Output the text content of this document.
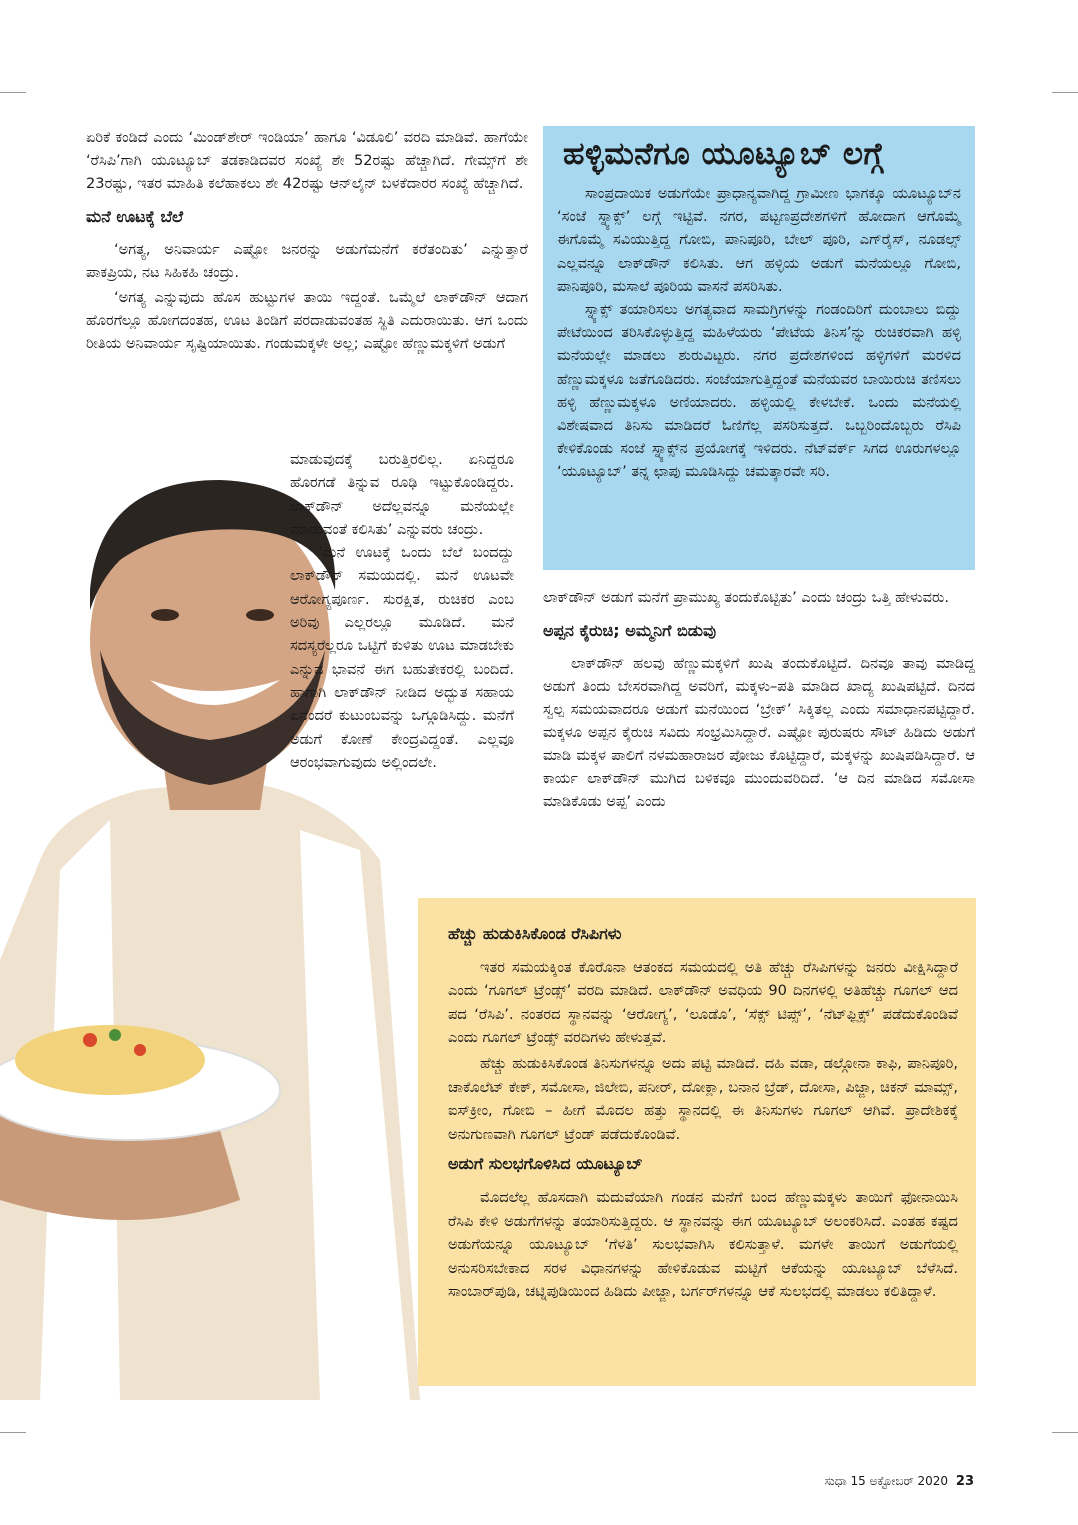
ಏರಿಕೆ ಕಂಡಿದೆ ಎಂದು ‘ಮಿಂಡ್‌ಶೇರ್ ಇಂಡಿಯಾ’ ಹಾಗೂ ‘ವಿಡೂಲಿ’ ವರದಿ ಮಾಡಿವೆ. ಹಾಗೆಯೇ ‘ರೆಸಿಪಿ’ಗಾಗಿ ಯೂಟ್ಯೂಬ್ ತಡಕಾಡಿದವರ ಸಂಖ್ಯೆ ಶೇ 52ರಷ್ಟು ಹೆಚ್ಚಾಗಿದೆ. ಗೇಮ್ಸ್‌ಗೆ ಶೇ 23ರಷ್ಟು, ಇತರ ಮಾಹಿತಿ ಕಲೆಹಾಕಲು ಶೇ 42ರಷ್ಟು ಆನ್‌ಲೈನ್ ಬಳಕೆದಾರರ ಸಂಖ್ಯೆ ಹೆಚ್ಚಾಗಿದೆ.

ಮನೆ ಊಟಕ್ಕೆ ಬೆಲೆ

‘ಅಗತ್ಯ, ಅನಿವಾರ್ಯ ಎಷ್ಟೋ ಜನರನ್ನು ಅಡುಗೆಮನೆಗೆ ಕರೆತಂದಿತು’ ಎನ್ನುತ್ತಾರೆ ಪಾಕಪ್ರಿಯ, ನಟ ಸಿಹಿಕಹಿ ಚಂದ್ರು.

‘ಅಗತ್ಯ ಎನ್ನುವುದು ಹೊಸ ಹುಟ್ಟುಗಳ ತಾಯಿ ಇದ್ದಂತೆ. ಒಮ್ಮೆಲೆ ಲಾಕ್‌ಡೌನ್ ಆದಾಗ ಹೊರಗೆಲ್ಲೂ ಹೋಗದಂತಹ, ಊಟ ತಿಂಡಿಗೆ ಪರದಾಡುವಂತಹ ಸ್ಥಿತಿ ಎದುರಾಯಿತು. ಆಗ ಒಂದು ರೀತಿಯ ಅನಿವಾರ್ಯ ಸೃಷ್ಟಿಯಾಯಿತು. ಗಂಡುಮಕ್ಕಳೇ ಅಲ್ಲ; ಎಷ್ಟೋ ಹೆಣ್ಣುಮಕ್ಕಳಿಗೆ ಅಡುಗೆ

ಮಾಡುವುದಕ್ಕೆ ಬರುತ್ತಿರಲಿಲ್ಲ. ಏನಿದ್ದರೂ ಹೊರಗಡೆ ತಿನ್ನುವ ರೂಢಿ ಇಟ್ಟುಕೊಂಡಿದ್ದರು. ಲಾಕ್‌ಡೌನ್ ಅದೆಲ್ಲವನ್ನೂ ಮನೆಯಲ್ಲೇ ಮಾಡುವಂತೆ ಕಲಿಸಿತು’ ಎನ್ನುವರು ಚಂದ್ರು.

‘ಮನೆ ಊಟಕ್ಕೆ ಒಂದು ಬೆಲೆ ಬಂದದ್ದು ಲಾಕ್‌ಡೌನ್ ಸಮಯದಲ್ಲಿ. ಮನೆ ಊಟವೇ ಆರೋಗ್ಯಪೂರ್ಣ. ಸುರಕ್ಷಿತ, ರುಚಿಕರ ಎಂಬ ಅರಿವು ಎಲ್ಲರಲ್ಲೂ ಮೂಡಿದೆ. ಮನೆ ಸದಸ್ಯರೆಲ್ಲರೂ ಒಟ್ಟಿಗೆ ಕುಳಿತು ಊಟ ಮಾಡಬೇಕು ಎನ್ನುವ ಭಾವನೆ ಈಗ ಬಹುತೇಕರಲ್ಲಿ ಬಂದಿದೆ. ಹಾಗಾಗಿ ಲಾಕ್‌ಡೌನ್ ನೀಡಿದ ಅದ್ಭುತ ಸಹಾಯ ಏನೆಂದರೆ ಕುಟುಂಬವನ್ನು ಒಗ್ಗೂಡಿಸಿದ್ದು. ಮನೆಗೆ ಅಡುಗೆ ಕೋಣೆ ಕೇಂದ್ರವಿದ್ದಂತೆ. ಎಲ್ಲವೂ ಆರಂಭವಾಗುವುದು ಅಲ್ಲಿಂದಲೇ.

ಹಳ್ಳಿಮನೆಗೂ ಯೂಟ್ಯೂಬ್ ಲಗ್ಗೆ

ಸಾಂಪ್ರದಾಯಿಕ ಅಡುಗೆಯೇ ಪ್ರಾಧಾನ್ಯವಾಗಿದ್ದ ಗ್ರಾಮೀಣ ಭಾಗಕ್ಕೂ ಯೂಟ್ಯೂಬ್‌ನ ‘ಸಂಜೆ ಸ್ನ್ಯಾಕ್ಸ್’ ಲಗ್ಗೆ ಇಟ್ಟಿವೆ. ನಗರ, ಪಟ್ಟಣಪ್ರದೇಶಗಳಿಗೆ ಹೋದಾಗ ಆಗೊಮ್ಮೆ ಈಗೊಮ್ಮೆ ಸವಿಯುತ್ತಿದ್ದ ಗೋಬಿ, ಪಾನಿಪೂರಿ, ಬೇಲ್ ಪೂರಿ, ಎಗ್‌ರೈಸ್, ನೂಡಲ್ಸ್ ಎಲ್ಲವನ್ನೂ ಲಾಕ್‌ಡೌನ್ ಕಲಿಸಿತು. ಆಗ ಹಳ್ಳಿಯ ಅಡುಗೆ ಮನೆಯಲ್ಲೂ ಗೋಬಿ, ಪಾನಿಪೂರಿ, ಮಸಾಲೆ ಪೂರಿಯ ವಾಸನೆ ಪಸರಿಸಿತು.

ಸ್ನ್ಯಾಕ್ಸ್ ತಯಾರಿಸಲು ಅಗತ್ಯವಾದ ಸಾಮಗ್ರಿಗಳನ್ನು ಗಂಡಂದಿರಿಗೆ ದುಂಬಾಲು ಬಿದ್ದು ಪೇಟೆಯಿಂದ ತರಿಸಿಕೊಳ್ಳುತ್ತಿದ್ದ ಮಹಿಳೆಯರು ‘ಪೇಟೆಯ ತಿನಿಸ’ನ್ನು ರುಚಿಕರವಾಗಿ ಹಳ್ಳಿ ಮನೆಯಲ್ಲೇ ಮಾಡಲು ಶುರುವಿಟ್ಟರು. ನಗರ ಪ್ರದೇಶಗಳಿಂದ ಹಳ್ಳಿಗಳಿಗೆ ಮರಳಿದ ಹೆಣ್ಣುಮಕ್ಕಳೂ ಜತೆಗೂಡಿದರು. ಸಂಜೆಯಾಗುತ್ತಿದ್ದಂತೆ ಮನೆಯವರ ಬಾಯಿರುಚಿ ತಣಿಸಲು ಹಳ್ಳಿ ಹೆಣ್ಣುಮಕ್ಕಳೂ ಅಣಿಯಾದರು. ಹಳ್ಳಿಯಲ್ಲಿ ಕೇಳಬೇಕೆ. ಒಂದು ಮನೆಯಲ್ಲಿ ವಿಶೇಷವಾದ ತಿನಿಸು ಮಾಡಿದರೆ ಓಣಿಗೆಲ್ಲ ಪಸರಿಸುತ್ತದೆ. ಒಬ್ಬರಿಂದೊಬ್ಬರು ರೆಸಿಪಿ ಕೇಳಿಕೊಂಡು ಸಂಜೆ ಸ್ನ್ಯಾಕ್ಸ್‌ನ ಪ್ರಯೋಗಕ್ಕೆ ಇಳಿದರು. ನೆಟ್‌ವರ್ಕ್ ಸಿಗದ ಊರುಗಳಲ್ಲೂ ‘ಯೂಟ್ಯೂಬ್’ ತನ್ನ ಛಾಪು ಮೂಡಿಸಿದ್ದು ಚಮತ್ಕಾರವೇ ಸರಿ.

ಲಾಕ್‌ಡೌನ್ ಅಡುಗೆ ಮನೆಗೆ ಪ್ರಾಮುಖ್ಯ ತಂದುಕೊಟ್ಟಿತು’ ಎಂದು ಚಂದ್ರು ಒತ್ತಿ ಹೇಳುವರು.

ಅಪ್ಪನ ಕೈರುಚಿ; ಅಮ್ಮನಿಗೆ ಬಿಡುವು

ಲಾಕ್‌ಡೌನ್ ಹಲವು ಹೆಣ್ಣುಮಕ್ಕಳಿಗೆ ಖುಷಿ ತಂದುಕೊಟ್ಟಿದೆ. ದಿನವೂ ತಾವು ಮಾಡಿದ್ದ ಅಡುಗೆ ತಿಂದು ಬೇಸರವಾಗಿದ್ದ ಅವರಿಗೆ, ಮಕ್ಕಳು–ಪತಿ ಮಾಡಿದ ಖಾದ್ಯ ಖುಷಿಪಟ್ಟಿದೆ. ದಿನದ ಸ್ವಲ್ಪ ಸಮಯವಾದರೂ ಅಡುಗೆ ಮನೆಯಿಂದ ‘ಬ್ರೇಕ್’ ಸಿಕ್ಕಿತಲ್ಲ ಎಂದು ಸಮಾಧಾನಪಟ್ಟಿದ್ದಾರೆ. ಮಕ್ಕಳೂ ಅಪ್ಪನ ಕೈರುಚಿ ಸವಿದು ಸಂಭ್ರಮಿಸಿದ್ದಾರೆ. ಎಷ್ಟೋ ಪುರುಷರು ಸೌಟ್ ಹಿಡಿದು ಅಡುಗೆ ಮಾಡಿ ಮಕ್ಕಳ ಪಾಲಿಗೆ ನಳಮಹಾರಾಜರ ಪೋಜು ಕೊಟ್ಟಿದ್ದಾರೆ, ಮಕ್ಕಳನ್ನು ಖುಷಿಪಡಿಸಿದ್ದಾರೆ. ಆ ಕಾರ್ಯ ಲಾಕ್‌ಡೌನ್ ಮುಗಿದ ಬಳಿಕವೂ ಮುಂದುವರಿದಿದೆ. ‘ಆ ದಿನ ಮಾಡಿದ ಸಮೋಸಾ ಮಾಡಿಕೊಡು ಅಪ್ಪ’ ಎಂದು

ಹೆಚ್ಚು ಹುಡುಕಿಸಿಕೊಂಡ ರೆಸಿಪಿಗಳು

ಇತರ ಸಮಯಕ್ಕಿಂತ ಕೊರೊನಾ ಆತಂಕದ ಸಮಯದಲ್ಲಿ ಅತಿ ಹೆಚ್ಚು ರೆಸಿಪಿಗಳನ್ನು ಜನರು ವೀಕ್ಷಿಸಿದ್ದಾರೆ ಎಂದು ‘ಗೂಗಲ್ ಟ್ರೆಂಡ್ಸ್’ ವರದಿ ಮಾಡಿದೆ. ಲಾಕ್‌ಡೌನ್ ಅವಧಿಯ 90 ದಿನಗಳಲ್ಲಿ ಅತಿಹೆಚ್ಚು ಗೂಗಲ್ ಆದ ಪದ ‘ರೆಸಿಪಿ’. ನಂತರದ ಸ್ಥಾನವನ್ನು ‘ಆರೋಗ್ಯ’, ‘ಲೂಡೊ’, ‘ಸೆಕ್ಸ್ ಟಿಪ್ಸ್’, ‘ನೆಟ್‌ಫ್ಲಿಕ್ಸ್’ ಪಡೆದುಕೊಂಡಿವೆ ಎಂದು ಗೂಗಲ್ ಟ್ರೆಂಡ್ಸ್ ವರದಿಗಳು ಹೇಳುತ್ತವೆ.

ಹೆಚ್ಚು ಹುಡುಕಿಸಿಕೊಂಡ ತಿನಿಸುಗಳನ್ನೂ ಅದು ಪಟ್ಟಿ ಮಾಡಿದೆ. ದಹಿ ವಡಾ, ಡಲ್ಗೋನಾ ಕಾಫಿ, ಪಾನಿಪೂರಿ, ಚಾಕೊಲೆಟ್ ಕೇಕ್, ಸಮೋಸಾ, ಜಿಲೇಬಿ, ಪನೀರ್, ದೋಕ್ಲಾ, ಬನಾನ ಬ್ರೆಡ್, ದೋಸಾ, ಪಿಜ್ಜಾ, ಚಿಕನ್ ಮಾಮ್ಸ್, ಐಸ್‌ಕ್ರೀಂ, ಗೋಬಿ – ಹೀಗೆ ಮೊದಲ ಹತ್ತು ಸ್ಥಾನದಲ್ಲಿ ಈ ತಿನಿಸುಗಳು ಗೂಗಲ್ ಆಗಿವೆ. ಪ್ರಾದೇಶಿಕಕ್ಕೆ ಅನುಗುಣವಾಗಿ ಗೂಗಲ್ ಟ್ರೆಂಡ್ ಪಡೆದುಕೊಂಡಿವೆ.

ಅಡುಗೆ ಸುಲಭಗೊಳಿಸಿದ ಯೂಟ್ಯೂಬ್

ಮೊದಲೆಲ್ಲ ಹೊಸದಾಗಿ ಮದುವೆಯಾಗಿ ಗಂಡನ ಮನೆಗೆ ಬಂದ ಹೆಣ್ಣುಮಕ್ಕಳು ತಾಯಿಗೆ ಫೋನಾಯಿಸಿ ರೆಸಿಪಿ ಕೇಳಿ ಅಡುಗೆಗಳನ್ನು ತಯಾರಿಸುತ್ತಿದ್ದರು. ಆ ಸ್ಥಾನವನ್ನು ಈಗ ಯೂಟ್ಯೂಬ್ ಅಲಂಕರಿಸಿದೆ. ಎಂತಹ ಕಷ್ಟದ ಅಡುಗೆಯನ್ನೂ ಯೂಟ್ಯೂಬ್ ‘ಗೆಳತಿ’ ಸುಲಭವಾಗಿಸಿ ಕಲಿಸುತ್ತಾಳೆ. ಮಗಳೇ ತಾಯಿಗೆ ಅಡುಗೆಯಲ್ಲಿ ಅನುಸರಿಸಬೇಕಾದ ಸರಳ ವಿಧಾನಗಳನ್ನು ಹೇಳಿಕೊಡುವ ಮಟ್ಟಿಗೆ ಆಕೆಯನ್ನು ಯೂಟ್ಯೂಬ್ ಬೆಳೆಸಿದೆ. ಸಾಂಬಾರ್‌ಪುಡಿ, ಚಟ್ನಿಪುಡಿಯಿಂದ ಹಿಡಿದು ಪೀಜ್ಜಾ, ಬರ್ಗರ್‌ಗಳನ್ನೂ ಆಕೆ ಸುಲಭದಲ್ಲಿ ಮಾಡಲು ಕಲಿತಿದ್ದಾಳೆ.

ಸುಧಾ 15 ಅಕ್ಟೋಬರ್ 2020 23
